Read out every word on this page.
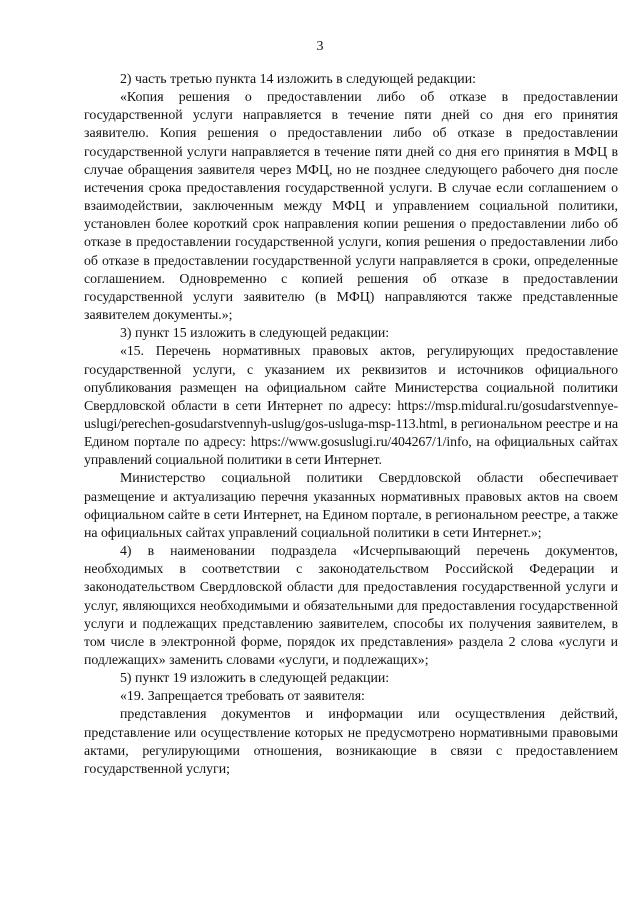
3

2) часть третью пункта 14 изложить в следующей редакции:

«Копия решения о предоставлении либо об отказе в предоставлении государственной услуги направляется в течение пяти дней со дня его принятия заявителю. Копия решения о предоставлении либо об отказе в предоставлении государственной услуги направляется в течение пяти дней со дня его принятия в МФЦ в случае обращения заявителя через МФЦ, но не позднее следующего рабочего дня после истечения срока предоставления государственной услуги. В случае если соглашением о взаимодействии, заключенным между МФЦ и управлением социальной политики, установлен более короткий срок направления копии решения о предоставлении либо об отказе в предоставлении государственной услуги, копия решения о предоставлении либо об отказе в предоставлении государственной услуги направляется в сроки, определенные соглашением. Одновременно с копией решения об отказе в предоставлении государственной услуги заявителю (в МФЦ) направляются также представленные заявителем документы.»;

3) пункт 15 изложить в следующей редакции:

«15. Перечень нормативных правовых актов, регулирующих предоставление государственной услуги, с указанием их реквизитов и источников официального опубликования размещен на официальном сайте Министерства социальной политики Свердловской области в сети Интернет по адресу: https://msp.midural.ru/gosudarstvennye-uslugi/perechen-gosudarstvennyh-uslug/gos-usluga-msp-113.html, в региональном реестре и на Едином портале по адресу: https://www.gosuslugi.ru/404267/1/info, на официальных сайтах управлений социальной политики в сети Интернет.

Министерство социальной политики Свердловской области обеспечивает размещение и актуализацию перечня указанных нормативных правовых актов на своем официальном сайте в сети Интернет, на Едином портале, в региональном реестре, а также на официальных сайтах управлений социальной политики в сети Интернет.»;

4) в наименовании подраздела «Исчерпывающий перечень документов, необходимых в соответствии с законодательством Российской Федерации и законодательством Свердловской области для предоставления государственной услуги и услуг, являющихся необходимыми и обязательными для предоставления государственной услуги и подлежащих представлению заявителем, способы их получения заявителем, в том числе в электронной форме, порядок их представления» раздела 2 слова «услуги и подлежащих» заменить словами «услуги, и подлежащих»;

5) пункт 19 изложить в следующей редакции:

«19. Запрещается требовать от заявителя:

представления документов и информации или осуществления действий, представление или осуществление которых не предусмотрено нормативными правовыми актами, регулирующими отношения, возникающие в связи с предоставлением государственной услуги;
